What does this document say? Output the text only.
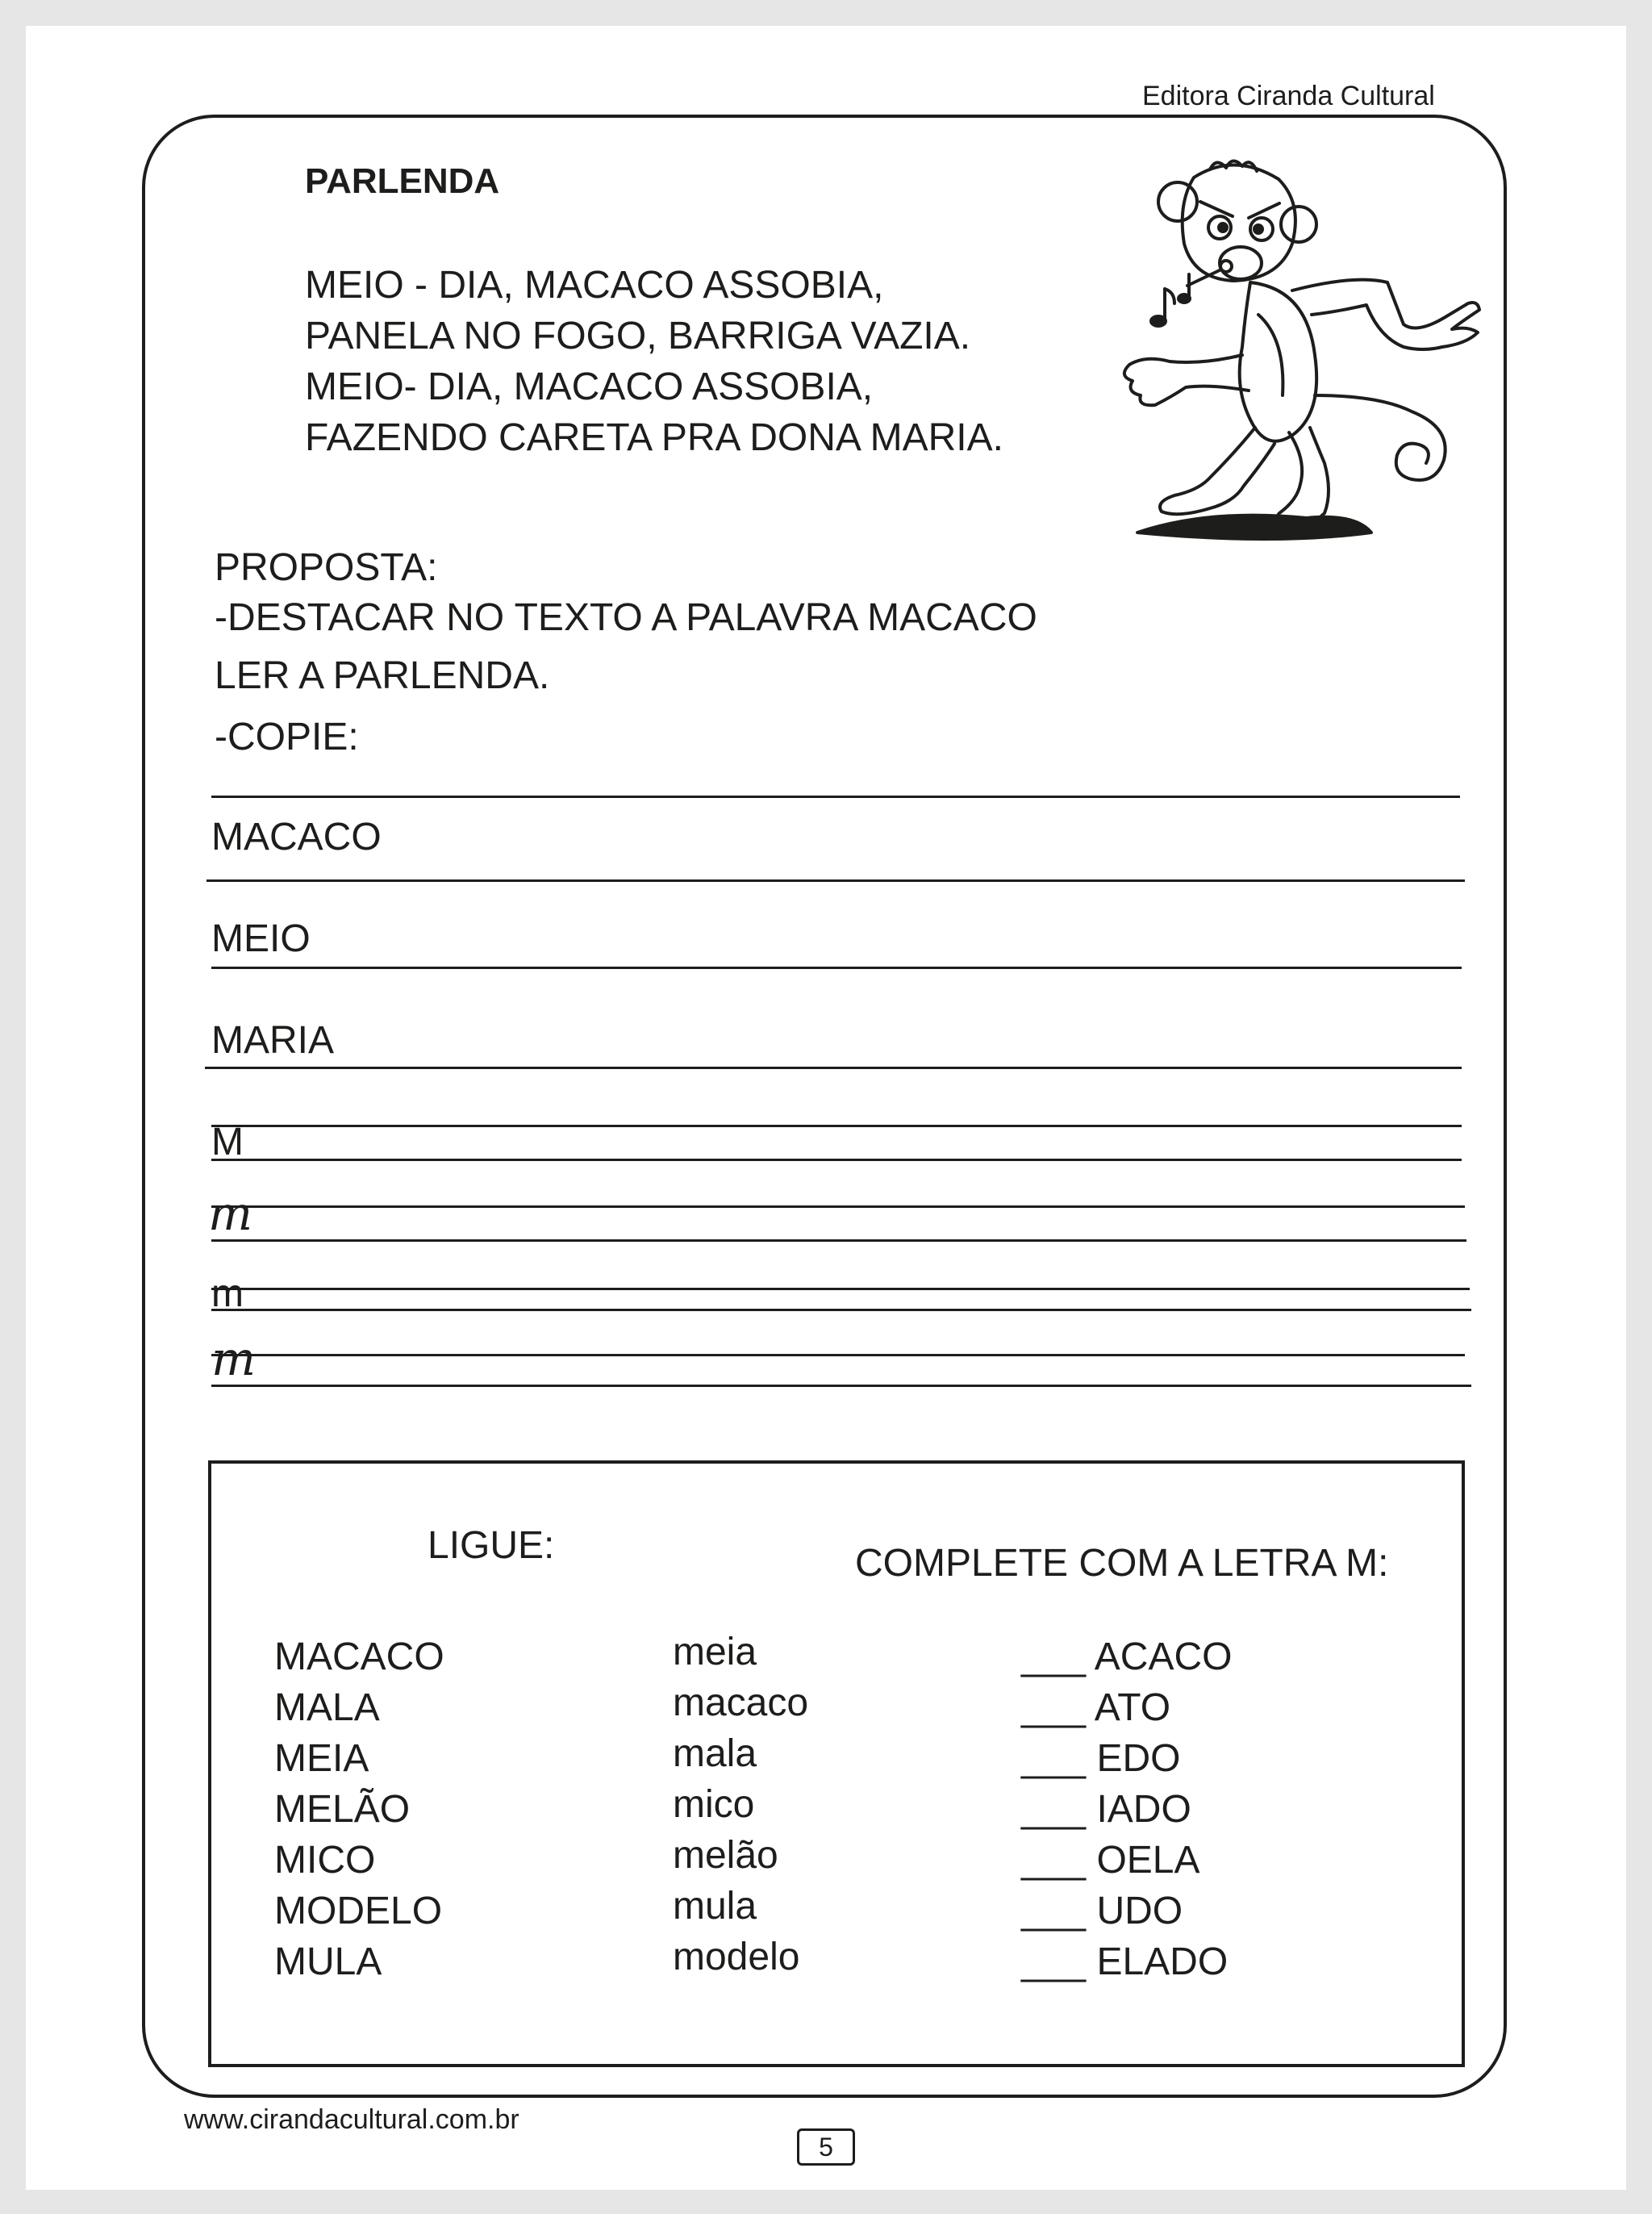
Editora Ciranda Cultural
PARLENDA
MEIO - DIA, MACACO ASSOBIA,
PANELA NO FOGO, BARRIGA VAZIA.
MEIO- DIA, MACACO ASSOBIA,
FAZENDO CARETA PRA DONA MARIA.
PROPOSTA:
-DESTACAR NO TEXTO A PALAVRA MACACO
LER A PARLENDA.
-COPIE:
MACACO
MEIO
MARIA
M
m
m
m
LIGUE:	COMPLETE COM A LETRA M:
MACACO
MALA
MEIA
MELÃO
MICO
MODELO
MULA
meia
macaco
mala
mico
melão
mula
modelo
___ ACACO
___ ATO
___ EDO
___ IADO
___ OELA
___ UDO
___ ELADO
www.cirandacultural.com.br
5
